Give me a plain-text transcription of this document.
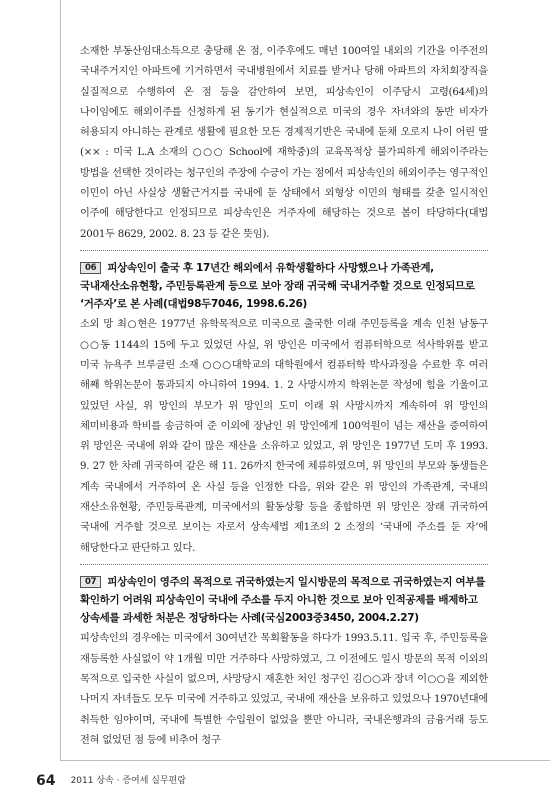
소재한 부동산임대소득으로 충당해 온 점, 이주후에도 매년 100여일 내외의 기간을 이주전의 국내주거지인 아파트에 기거하면서 국내병원에서 치료를 받거나 당해 아파트의 자치회장직을 실질적으로 수행하여 온 점 등을 감안하여 보면, 피상속인이 이주당시 고령(64세)의 나이임에도 해외이주를 신청하게 된 동기가 현실적으로 미국의 경우 자녀와의 동반 비자가 허용되지 아니하는 관계로 생활에 필요한 모든 경제적기반은 국내에 둔채 오로지 나이 어린 딸(×× : 미국 L.A 소재의 ○○○ School에 재학중)의 교육목적상 불가피하게 해외이주라는 방법을 선택한 것이라는 청구인의 주장에 수긍이 가는 점에서 피상속인의 해외이주는 영구적인 이민이 아닌 사실상 생활근거지를 국내에 둔 상태에서 외형상 이민의 형태를 갖춘 일시적인 이주에 해당한다고 인정되므로 피상속인은 거주자에 해당하는 것으로 봄이 타당하다(대법 2001두 8629, 2002. 8. 23 등 같은 뜻임).

06 피상속인이 출국 후 17년간 해외에서 유학생활하다 사망했으나 가족관계, 국내재산소유현황, 주민등록관계 등으로 보아 장래 귀국해 국내거주할 것으로 인정되므로 ‘거주자’로 본 사례(대법98두7046, 1998.6.26)

소외 망 최○현은 1977년 유학목적으로 미국으로 출국한 이래 주민등록을 계속 인천 남동구 ○○동 1144의 15에 두고 있었던 사실, 위 망인은 미국에서 컴퓨터학으로 석사학위를 받고 미국 뉴욕주 브루클린 소재 ○○○대학교의 대학원에서 컴퓨터학 박사과정을 수료한 후 여러 해째 학위논문이 통과되지 아니하여 1994. 1. 2 사망시까지 학위논문 작성에 힘을 기울이고 있었던 사실, 위 망인의 부모가 위 망인의 도미 이래 위 사망시까지 계속하여 위 망인의 체미비용과 학비를 송금하여 준 이외에 장남인 위 망인에게 100억원이 넘는 재산을 증여하여 위 망인은 국내에 위와 같이 많은 재산을 소유하고 있었고, 위 망인은 1977년 도미 후 1993. 9. 27 한 차례 귀국하여 같은 해 11. 26까지 한국에 체류하였으며, 위 망인의 부모와 동생들은 계속 국내에서 거주하여 온 사실 등을 인정한 다음, 위와 같은 위 망인의 가족관계, 국내의 재산소유현황, 주민등록관계, 미국에서의 활동상황 등을 종합하면 위 망인은 장래 귀국하여 국내에 거주할 것으로 보이는 자로서 상속세법 제1조의 2 소정의 ‘국내에 주소를 둔 자’에 해당한다고 판단하고 있다.

07 피상속인이 영주의 목적으로 귀국하였는지 일시방문의 목적으로 귀국하였는지 여부를 확인하기 어려워 피상속인이 국내에 주소를 두지 아니한 것으로 보아 인적공제를 배제하고 상속세를 과세한 처분은 정당하다는 사례(국심2003중3450, 2004.2.27)

피상속인의 경우에는 미국에서 30여년간 목회활동을 하다가 1993.5.11. 입국 후, 주민등록을 재등록한 사실없이 약 1개월 미만 거주하다 사망하였고, 그 이전에도 일시 방문의 목적 이외의 목적으로 입국한 사실이 없으며, 사망당시 재혼한 처인 청구인 김○○과 장녀 이○○을 제외한 나머지 자녀들도 모두 미국에 거주하고 있었고, 국내에 재산을 보유하고 있었으나 1970년대에 취득한 임야이며, 국내에 특별한 수입원이 없었을 뿐만 아니라, 국내은행과의 금융거래 등도 전혀 없었던 점 등에 비추어 청구

64 2011 상속 · 증여세 실무편람
